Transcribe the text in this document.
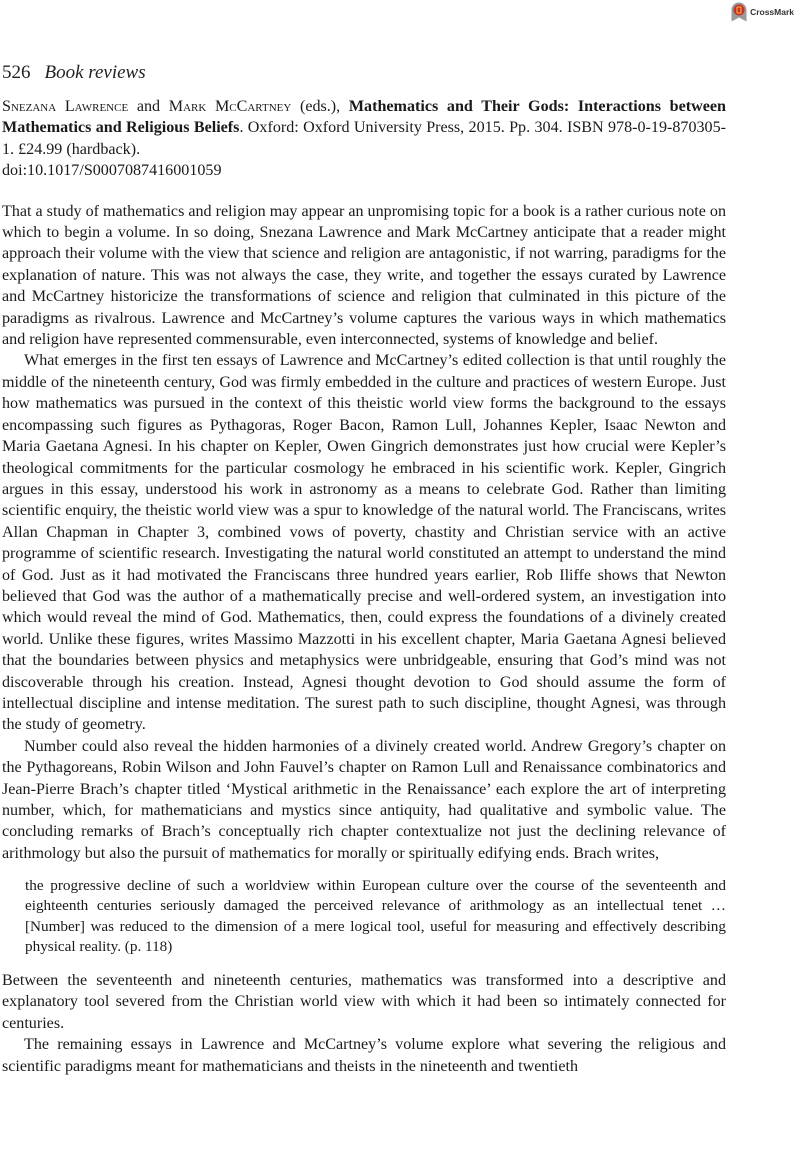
CrossMark
526 Book reviews

Snezana Lawrence and Mark McCartney (eds.), Mathematics and Their Gods: Interactions between Mathematics and Religious Beliefs. Oxford: Oxford University Press, 2015. Pp. 304. ISBN 978-0-19-870305-1. £24.99 (hardback).

doi:10.1017/S0007087416001059

That a study of mathematics and religion may appear an unpromising topic for a book is a rather curious note on which to begin a volume. In so doing, Snezana Lawrence and Mark McCartney anticipate that a reader might approach their volume with the view that science and religion are antagonistic, if not warring, paradigms for the explanation of nature. This was not always the case, they write, and together the essays curated by Lawrence and McCartney historicize the transformations of science and religion that culminated in this picture of the paradigms as rivalrous. Lawrence and McCartney’s volume captures the various ways in which mathematics and religion have represented commensurable, even interconnected, systems of knowledge and belief.

What emerges in the first ten essays of Lawrence and McCartney’s edited collection is that until roughly the middle of the nineteenth century, God was firmly embedded in the culture and practices of western Europe. Just how mathematics was pursued in the context of this theistic world view forms the background to the essays encompassing such figures as Pythagoras, Roger Bacon, Ramon Lull, Johannes Kepler, Isaac Newton and Maria Gaetana Agnesi. In his chapter on Kepler, Owen Gingrich demonstrates just how crucial were Kepler’s theological commitments for the particular cosmology he embraced in his scientific work. Kepler, Gingrich argues in this essay, understood his work in astronomy as a means to celebrate God. Rather than limiting scientific enquiry, the theistic world view was a spur to knowledge of the natural world. The Franciscans, writes Allan Chapman in Chapter 3, combined vows of poverty, chastity and Christian service with an active programme of scientific research. Investigating the natural world constituted an attempt to understand the mind of God. Just as it had motivated the Franciscans three hundred years earlier, Rob Iliffe shows that Newton believed that God was the author of a mathematically precise and well-ordered system, an investigation into which would reveal the mind of God. Mathematics, then, could express the foundations of a divinely created world. Unlike these figures, writes Massimo Mazzotti in his excellent chapter, Maria Gaetana Agnesi believed that the boundaries between physics and metaphysics were unbridgeable, ensuring that God’s mind was not discoverable through his creation. Instead, Agnesi thought devotion to God should assume the form of intellectual discipline and intense meditation. The surest path to such discipline, thought Agnesi, was through the study of geometry.

Number could also reveal the hidden harmonies of a divinely created world. Andrew Gregory’s chapter on the Pythagoreans, Robin Wilson and John Fauvel’s chapter on Ramon Lull and Renaissance combinatorics and Jean-Pierre Brach’s chapter titled ‘Mystical arithmetic in the Renaissance’ each explore the art of interpreting number, which, for mathematicians and mystics since antiquity, had qualitative and symbolic value. The concluding remarks of Brach’s conceptually rich chapter contextualize not just the declining relevance of arithmology but also the pursuit of mathematics for morally or spiritually edifying ends. Brach writes,

the progressive decline of such a worldview within European culture over the course of the seventeenth and eighteenth centuries seriously damaged the perceived relevance of arithmology as an intellectual tenet … [Number] was reduced to the dimension of a mere logical tool, useful for measuring and effectively describing physical reality. (p. 118)

Between the seventeenth and nineteenth centuries, mathematics was transformed into a descriptive and explanatory tool severed from the Christian world view with which it had been so intimately connected for centuries.

The remaining essays in Lawrence and McCartney’s volume explore what severing the religious and scientific paradigms meant for mathematicians and theists in the nineteenth and twentieth
